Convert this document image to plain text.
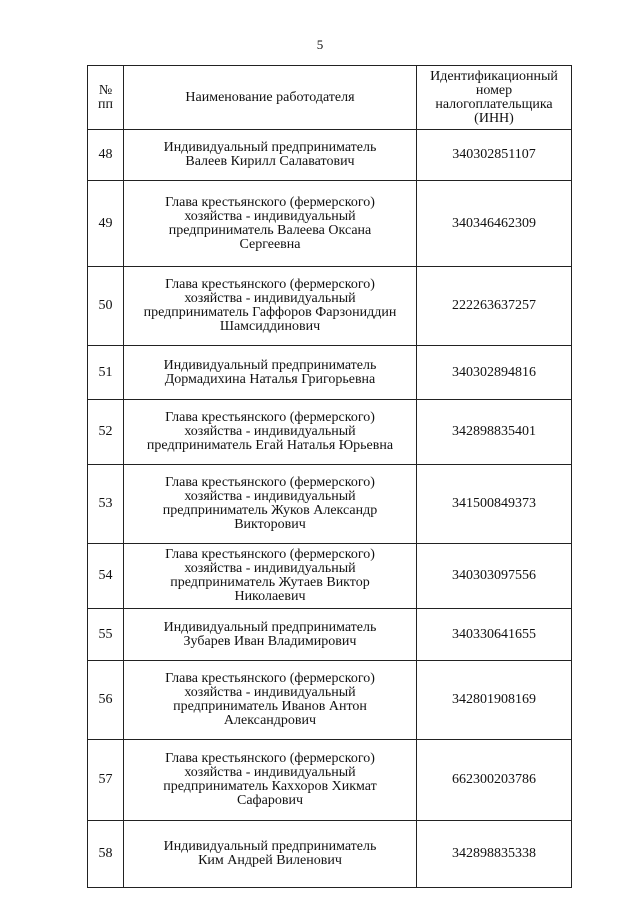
5
№
пп	Наименование работодателя	Идентификационный номер налогоплательщика (ИНН)
48	Индивидуальный предприниматель
Валеев Кирилл Салаватович	340302851107
49	Глава крестьянского (фермерского)
хозяйства - индивидуальный
предприниматель Валеева Оксана
Сергеевна	340346462309
50	Глава крестьянского (фермерского)
хозяйства - индивидуальный
предприниматель Гаффоров Фарзониддин
Шамсиддинович	222263637257
51	Индивидуальный предприниматель
Дормадихина Наталья Григорьевна	340302894816
52	Глава крестьянского (фермерского)
хозяйства - индивидуальный
предприниматель Егай Наталья Юрьевна	342898835401
53	Глава крестьянского (фермерского)
хозяйства - индивидуальный
предприниматель Жуков Александр
Викторович	341500849373
54	Глава крестьянского (фермерского)
хозяйства - индивидуальный
предприниматель Жутаев Виктор
Николаевич	340303097556
55	Индивидуальный предприниматель
Зубарев Иван Владимирович	340330641655
56	Глава крестьянского (фермерского)
хозяйства - индивидуальный
предприниматель Иванов Антон
Александрович	342801908169
57	Глава крестьянского (фермерского)
хозяйства - индивидуальный
предприниматель Каххоров Хикмат
Сафарович	662300203786
58	Индивидуальный предприниматель
Ким Андрей Виленович	342898835338
